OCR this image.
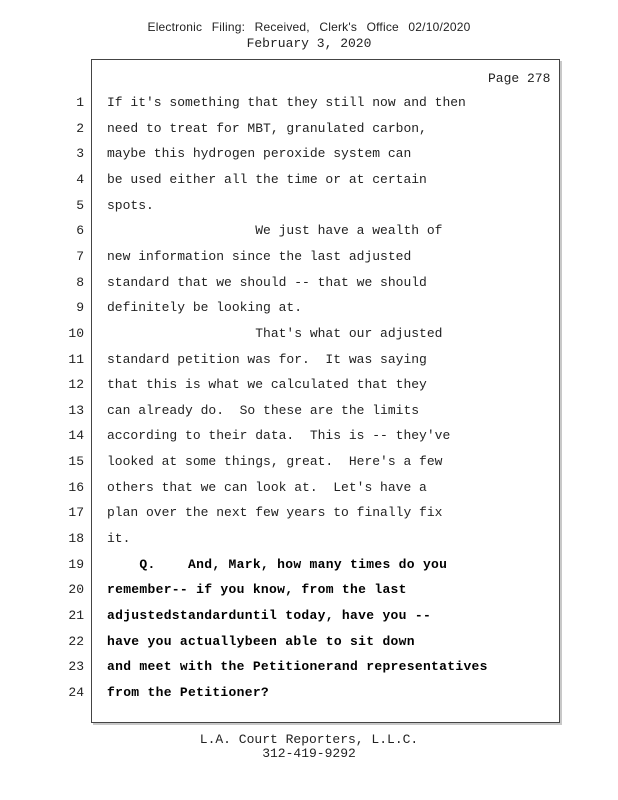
Electronic Filing: Received, Clerk's Office 02/10/2020
February 3, 2020
Page 278
1 If it's something that they still now and then
2 need to treat for MBT, granulated carbon,
3 maybe this hydrogen peroxide system can
4 be used either all the time or at certain
5 spots.
6 We just have a wealth of
7 new information since the last adjusted
8 standard that we should -- that we should
9 definitely be looking at.
10 That's what our adjusted
11 standard petition was for.  It was saying
12 that this is what we calculated that they
13 can already do.  So these are the limits
14 according to their data.  This is -- they've
15 looked at some things, great.  Here's a few
16 others that we can look at.  Let's have a
17 plan over the next few years to finally fix
18 it.
19 Q.    And, Mark, how many times do you
20 remember-- if you know, from the last
21 adjustedstandarduntil today, have you --
22 have you actuallybeen able to sit down
23 and meet with the Petitionerand representatives
24 from the Petitioner?
L.A. Court Reporters, L.L.C.
312-419-9292
